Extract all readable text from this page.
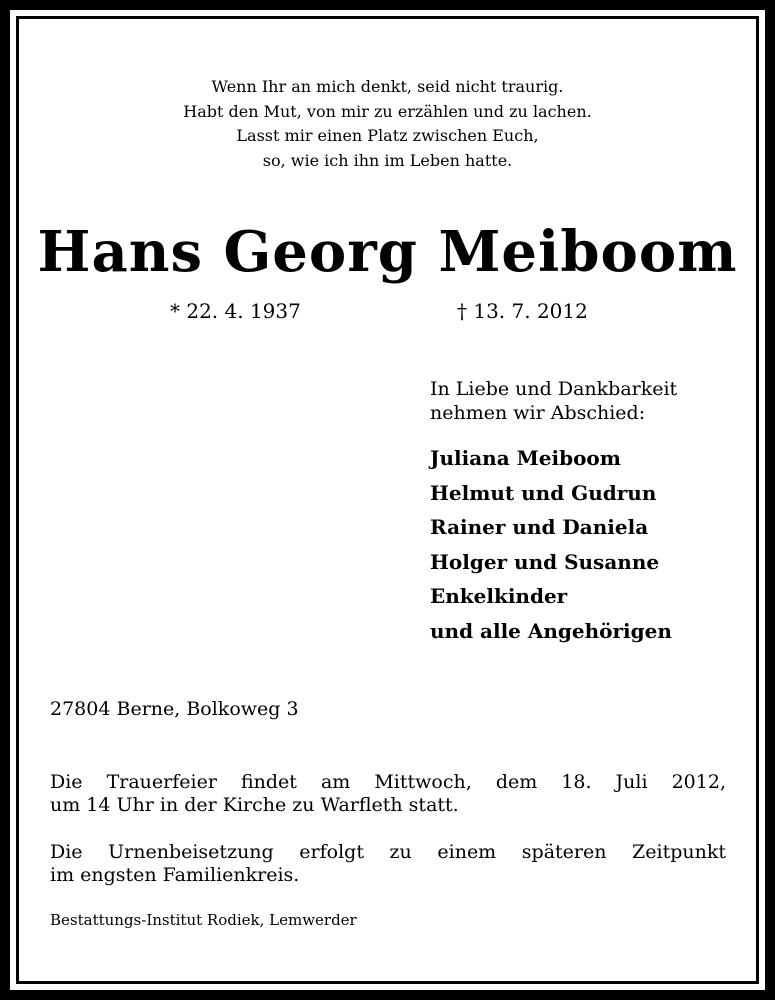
Wenn Ihr an mich denkt, seid nicht traurig.
Habt den Mut, von mir zu erzählen und zu lachen.
Lasst mir einen Platz zwischen Euch,
so, wie ich ihn im Leben hatte.
Hans Georg Meiboom
* 22. 4. 1937	† 13. 7. 2012
In Liebe und Dankbarkeit
nehmen wir Abschied:
Juliana Meiboom
Helmut und Gudrun
Rainer und Daniela
Holger und Susanne
Enkelkinder
und alle Angehörigen
27804 Berne, Bolkoweg 3
Die Trauerfeier findet am Mittwoch, dem 18. Juli 2012,
um 14 Uhr in der Kirche zu Warfleth statt.
Die Urnenbeisetzung erfolgt zu einem späteren Zeitpunkt
im engsten Familienkreis.
Bestattungs-Institut Rodiek, Lemwerder
